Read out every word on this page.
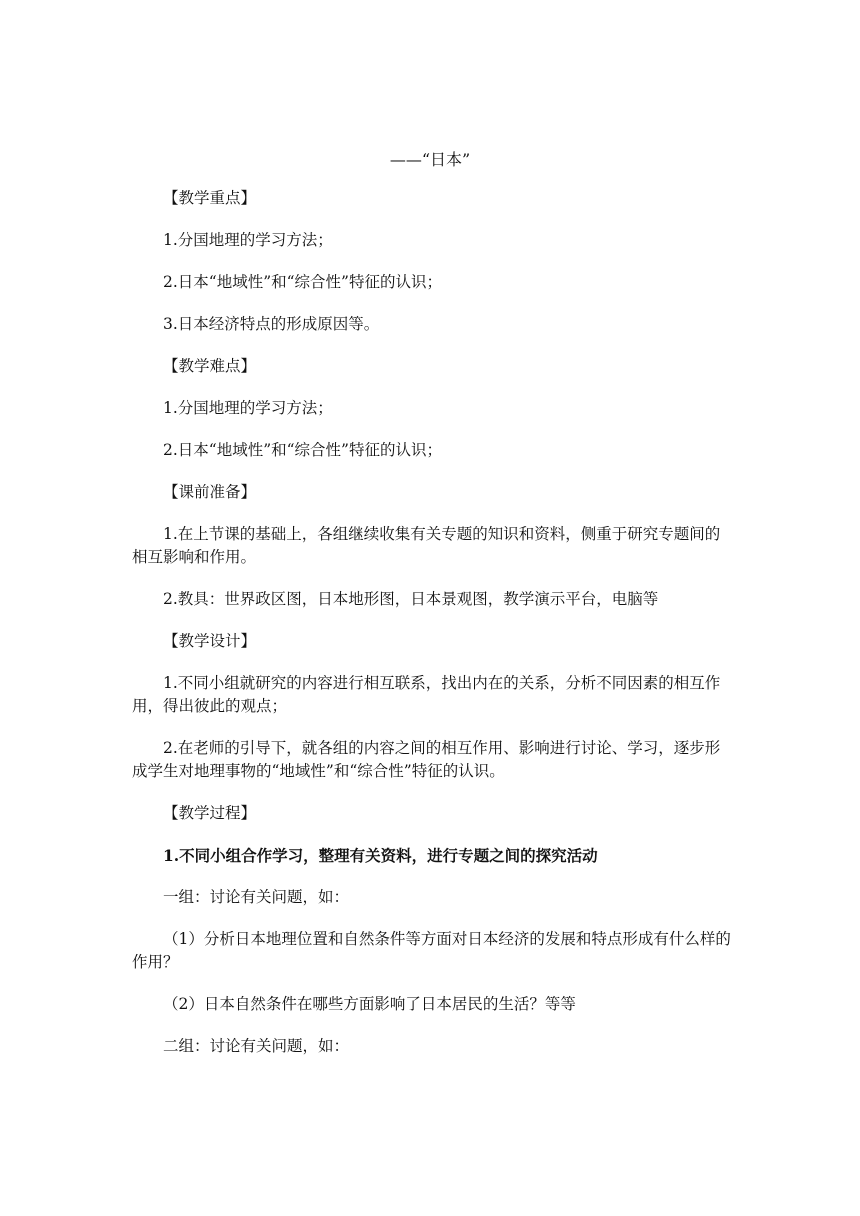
——“日本”

【教学重点】

1.分国地理的学习方法；

2.日本“地域性”和“综合性”特征的认识；

3.日本经济特点的形成原因等。

【教学难点】

1.分国地理的学习方法；

2.日本“地域性”和“综合性”特征的认识；

【课前准备】

1.在上节课的基础上，各组继续收集有关专题的知识和资料，侧重于研究专题间的相互影响和作用。

2.教具：世界政区图，日本地形图，日本景观图，教学演示平台，电脑等

【教学设计】

1.不同小组就研究的内容进行相互联系，找出内在的关系，分析不同因素的相互作用，得出彼此的观点；

2.在老师的引导下，就各组的内容之间的相互作用、影响进行讨论、学习，逐步形成学生对地理事物的“地域性”和“综合性”特征的认识。

【教学过程】

1.不同小组合作学习，整理有关资料，进行专题之间的探究活动

一组：讨论有关问题，如：

（1）分析日本地理位置和自然条件等方面对日本经济的发展和特点形成有什么样的作用？

（2）日本自然条件在哪些方面影响了日本居民的生活？等等

二组：讨论有关问题，如：
